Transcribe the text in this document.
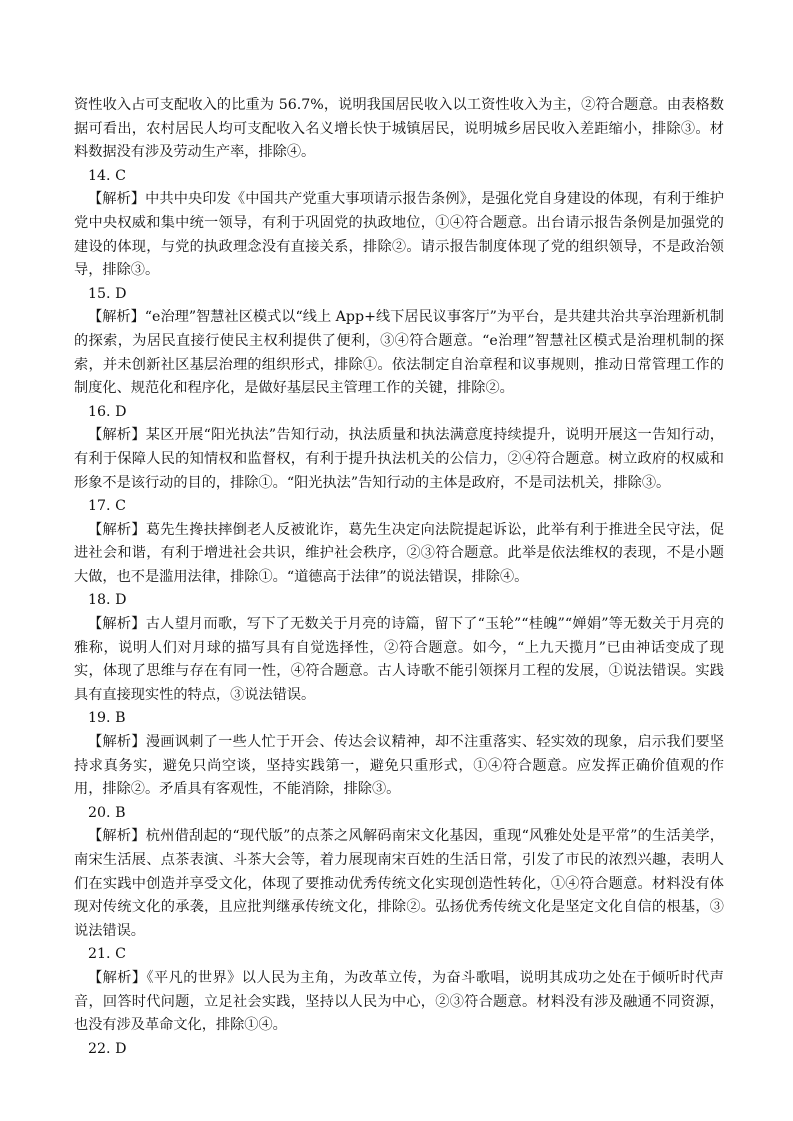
资性收入占可支配收入的比重为 56.7%，说明我国居民收入以工资性收入为主，②符合题意。由表格数据可看出，农村居民人均可支配收入名义增长快于城镇居民，说明城乡居民收入差距缩小，排除③。材料数据没有涉及劳动生产率，排除④。

14. C

【解析】中共中央印发《中国共产党重大事项请示报告条例》，是强化党自身建设的体现，有利于维护党中央权威和集中统一领导，有利于巩固党的执政地位，①④符合题意。出台请示报告条例是加强党的建设的体现，与党的执政理念没有直接关系，排除②。请示报告制度体现了党的组织领导，不是政治领导，排除③。

15. D

【解析】“e治理”智慧社区模式以“线上 App+线下居民议事客厅”为平台，是共建共治共享治理新机制的探索，为居民直接行使民主权利提供了便利，③④符合题意。“e治理”智慧社区模式是治理机制的探索，并未创新社区基层治理的组织形式，排除①。依法制定自治章程和议事规则，推动日常管理工作的制度化、规范化和程序化，是做好基层民主管理工作的关键，排除②。

16. D

【解析】某区开展“阳光执法”告知行动，执法质量和执法满意度持续提升，说明开展这一告知行动，有利于保障人民的知情权和监督权，有利于提升执法机关的公信力，②④符合题意。树立政府的权威和形象不是该行动的目的，排除①。“阳光执法”告知行动的主体是政府，不是司法机关，排除③。

17. C

【解析】葛先生搀扶摔倒老人反被讹诈，葛先生决定向法院提起诉讼，此举有利于推进全民守法，促进社会和谐，有利于增进社会共识，维护社会秩序，②③符合题意。此举是依法维权的表现，不是小题大做，也不是滥用法律，排除①。“道德高于法律”的说法错误，排除④。

18. D

【解析】古人望月而歌，写下了无数关于月亮的诗篇，留下了“玉轮”“桂魄”“婵娟”等无数关于月亮的雅称，说明人们对月球的描写具有自觉选择性，②符合题意。如今，“上九天揽月”已由神话变成了现实，体现了思维与存在有同一性，④符合题意。古人诗歌不能引领探月工程的发展，①说法错误。实践具有直接现实性的特点，③说法错误。

19. B

【解析】漫画讽刺了一些人忙于开会、传达会议精神，却不注重落实、轻实效的现象，启示我们要坚持求真务实，避免只尚空谈，坚持实践第一，避免只重形式，①④符合题意。应发挥正确价值观的作用，排除②。矛盾具有客观性，不能消除，排除③。

20. B

【解析】杭州借刮起的“现代版”的点茶之风解码南宋文化基因，重现“风雅处处是平常”的生活美学，南宋生活展、点茶表演、斗茶大会等，着力展现南宋百姓的生活日常，引发了市民的浓烈兴趣，表明人们在实践中创造并享受文化，体现了要推动优秀传统文化实现创造性转化，①④符合题意。材料没有体现对传统文化的承袭，且应批判继承传统文化，排除②。弘扬优秀传统文化是坚定文化自信的根基，③说法错误。

21. C

【解析】《平凡的世界》以人民为主角，为改革立传，为奋斗歌唱，说明其成功之处在于倾听时代声音，回答时代问题，立足社会实践，坚持以人民为中心，②③符合题意。材料没有涉及融通不同资源，也没有涉及革命文化，排除①④。

22. D
